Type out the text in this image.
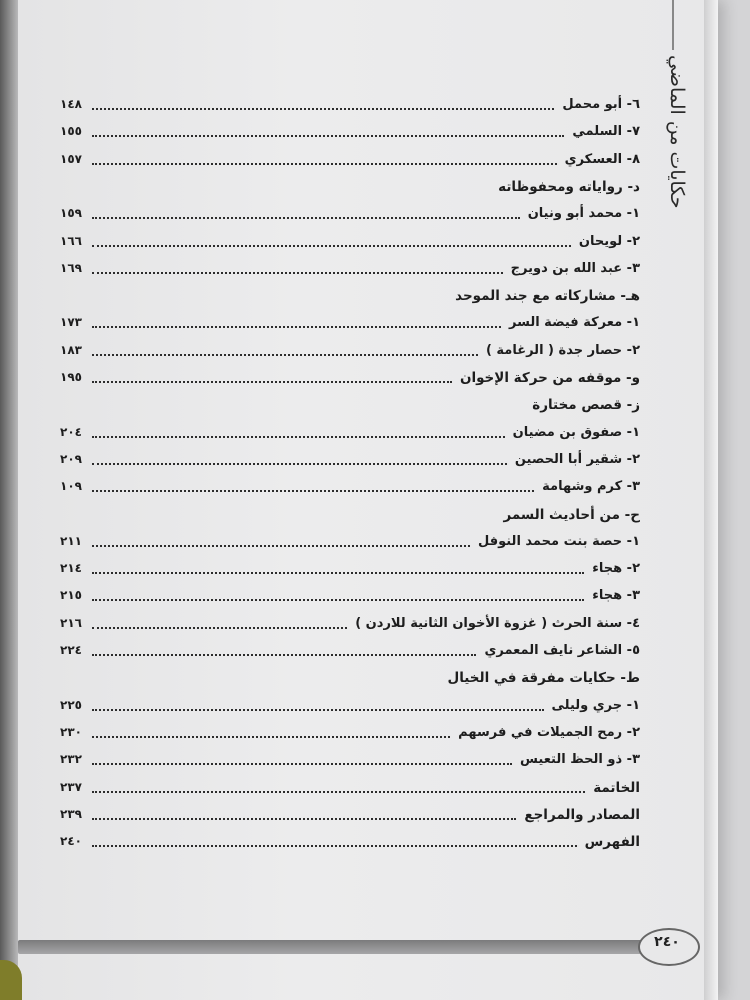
حكايات من الماضي
٦- أبو محمل
١٤٨
٧- السلمي
١٥٥
٨- العسكري
١٥٧
د- رواياته ومحفوظاته
١- محمد أبو ونيان
١٥٩
٢- لويحان
١٦٦
٣- عبد الله بن دويرج
١٦٩
هـ- مشاركاته مع جند الموحد
١- معركة فيضة السر
١٧٣
٢- حصار جدة ( الرغامة )
١٨٣
و- موقفه من حركة الإخوان
١٩٥
ز- قصص مختارة
١- صفوق بن مضيان
٢٠٤
٢- شقير أبا الحصين
٢٠٩
٣- كرم وشهامة
١٠٩
ح- من أحاديث السمر
١- حصة بنت محمد النوفل
٢١١
٢- هجاء
٢١٤
٣- هجاء
٢١٥
٤- سنة الحرث ( غزوة الأخوان الثانية للاردن )
٢١٦
٥- الشاعر نايف المعمري
٢٢٤
ط- حكايات مفرقة في الخيال
١- جري وليلى
٢٢٥
٢- رمح الجميلات في فرسهم
٢٣٠
٣- ذو الحظ التعيس
٢٣٢
الخاتمة
٢٣٧
المصادر والمراجع
٢٣٩
الفهرس
٢٤٠
٢٤٠
